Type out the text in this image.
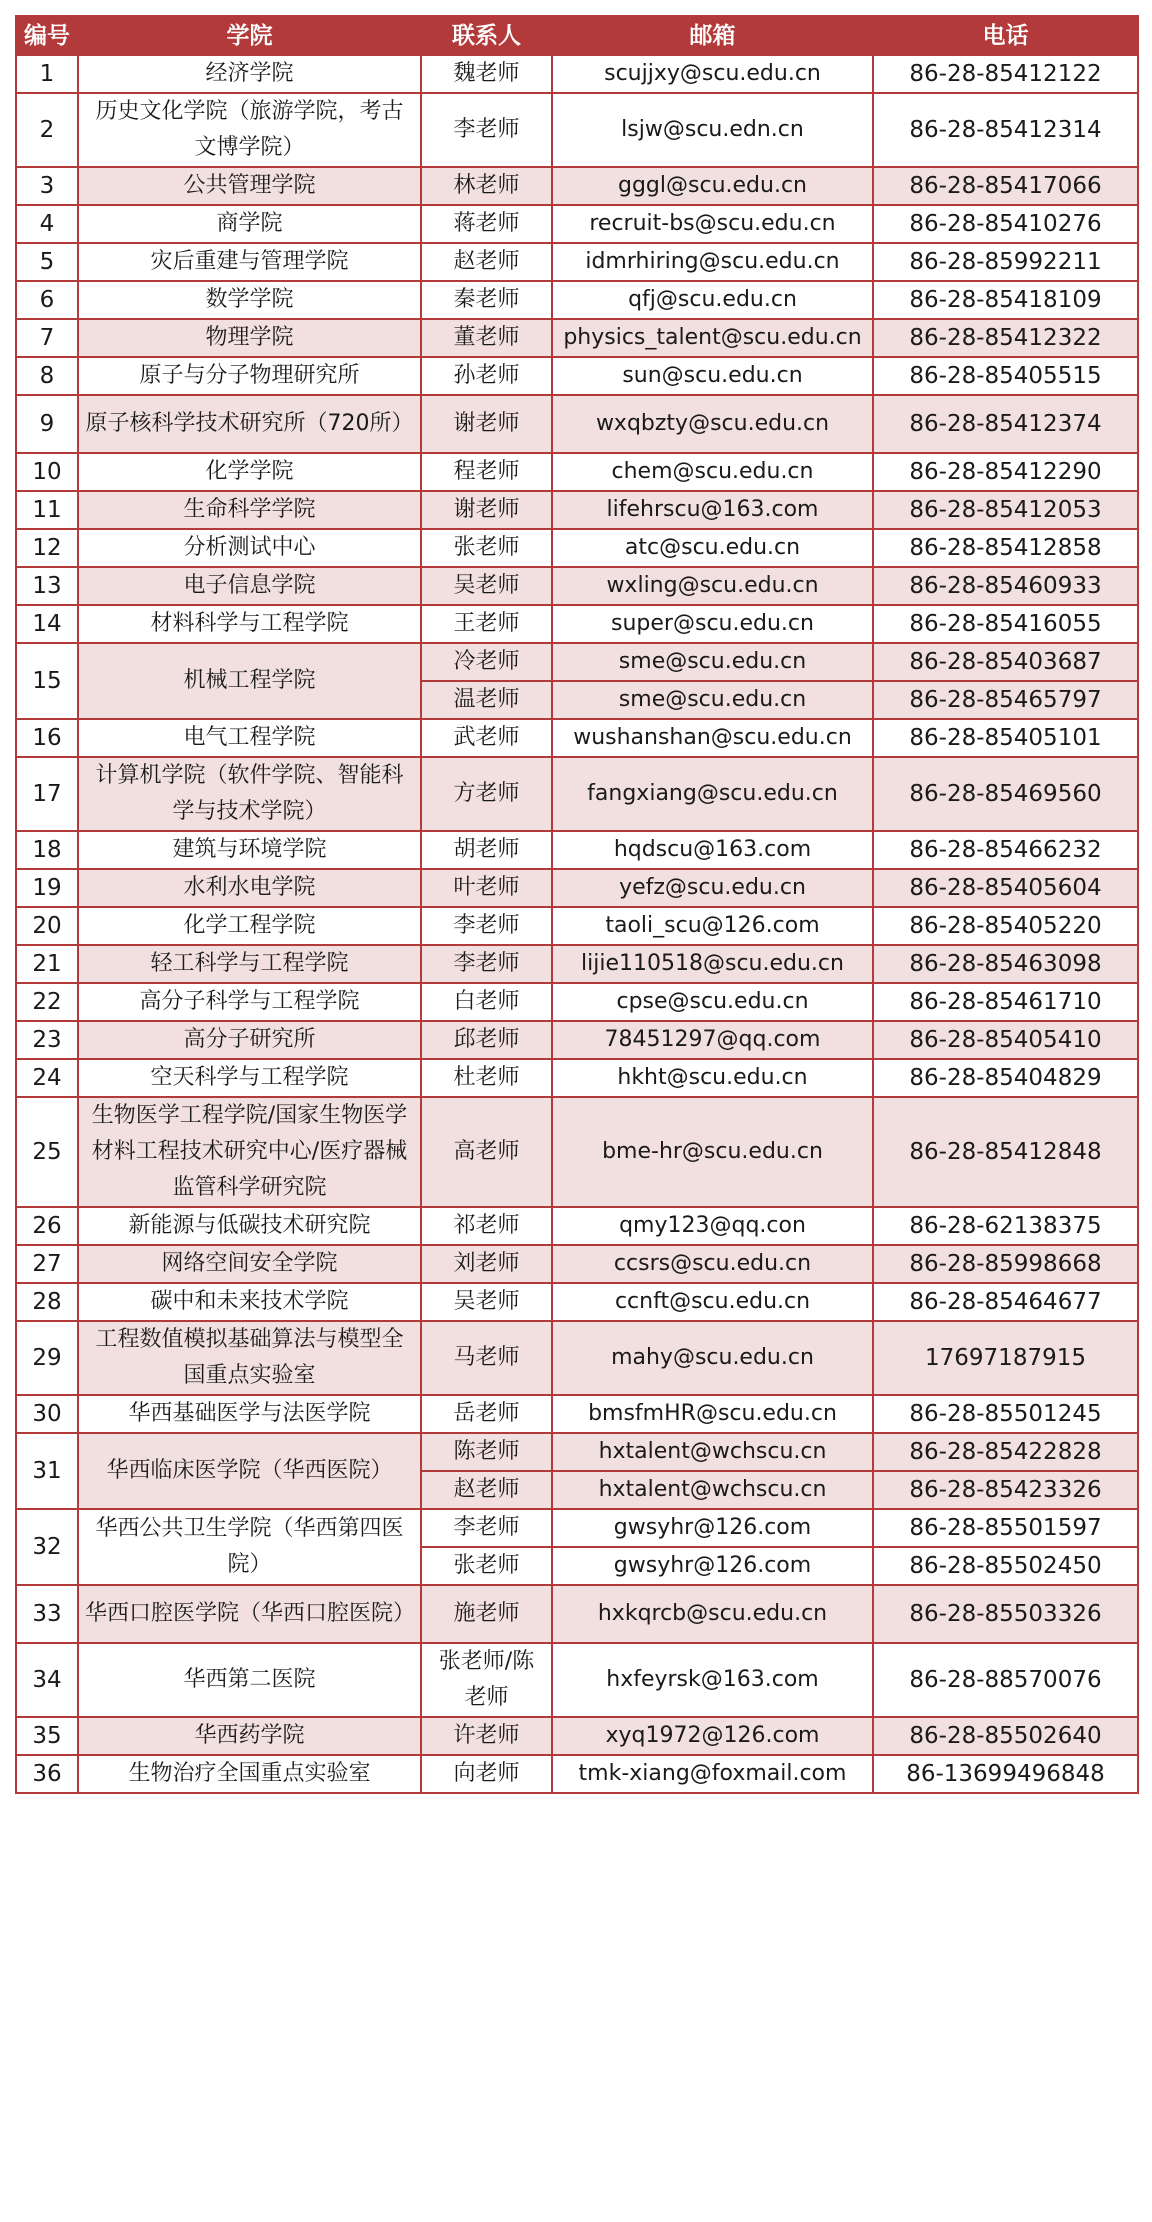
编号	学院	联系人	邮箱	电话
1	经济学院	魏老师	scujjxy@scu.edu.cn	86-28-85412122
2	历史文化学院（旅游学院，考古文博学院）	李老师	lsjw@scu.edn.cn	86-28-85412314
3	公共管理学院	林老师	gggl@scu.edu.cn	86-28-85417066
4	商学院	蒋老师	recruit-bs@scu.edu.cn	86-28-85410276
5	灾后重建与管理学院	赵老师	idmrhiring@scu.edu.cn	86-28-85992211
6	数学学院	秦老师	qfj@scu.edu.cn	86-28-85418109
7	物理学院	董老师	physics_talent@scu.edu.cn	86-28-85412322
8	原子与分子物理研究所	孙老师	sun@scu.edu.cn	86-28-85405515
9	原子核科学技术研究所（720所）	谢老师	wxqbzty@scu.edu.cn	86-28-85412374
10	化学学院	程老师	chem@scu.edu.cn	86-28-85412290
11	生命科学学院	谢老师	lifehrscu@163.com	86-28-85412053
12	分析测试中心	张老师	atc@scu.edu.cn	86-28-85412858
13	电子信息学院	吴老师	wxling@scu.edu.cn	86-28-85460933
14	材料科学与工程学院	王老师	super@scu.edu.cn	86-28-85416055
15	机械工程学院	冷老师	sme@scu.edu.cn	86-28-85403687
		温老师	sme@scu.edu.cn	86-28-85465797
16	电气工程学院	武老师	wushanshan@scu.edu.cn	86-28-85405101
17	计算机学院（软件学院、智能科学与技术学院）	方老师	fangxiang@scu.edu.cn	86-28-85469560
18	建筑与环境学院	胡老师	hqdscu@163.com	86-28-85466232
19	水利水电学院	叶老师	yefz@scu.edu.cn	86-28-85405604
20	化学工程学院	李老师	taoli_scu@126.com	86-28-85405220
21	轻工科学与工程学院	李老师	lijie110518@scu.edu.cn	86-28-85463098
22	高分子科学与工程学院	白老师	cpse@scu.edu.cn	86-28-85461710
23	高分子研究所	邱老师	78451297@qq.com	86-28-85405410
24	空天科学与工程学院	杜老师	hkht@scu.edu.cn	86-28-85404829
25	生物医学工程学院/国家生物医学材料工程技术研究中心/医疗器械监管科学研究院	高老师	bme-hr@scu.edu.cn	86-28-85412848
26	新能源与低碳技术研究院	祁老师	qmy123@qq.con	86-28-62138375
27	网络空间安全学院	刘老师	ccsrs@scu.edu.cn	86-28-85998668
28	碳中和未来技术学院	吴老师	ccnft@scu.edu.cn	86-28-85464677
29	工程数值模拟基础算法与模型全国重点实验室	马老师	mahy@scu.edu.cn	17697187915
30	华西基础医学与法医学院	岳老师	bmsfmHR@scu.edu.cn	86-28-85501245
31	华西临床医学院（华西医院）	陈老师	hxtalent@wchscu.cn	86-28-85422828
		赵老师	hxtalent@wchscu.cn	86-28-85423326
32	华西公共卫生学院（华西第四医院）	李老师	gwsyhr@126.com	86-28-85501597
		张老师	gwsyhr@126.com	86-28-85502450
33	华西口腔医学院（华西口腔医院）	施老师	hxkqrcb@scu.edu.cn	86-28-85503326
34	华西第二医院	张老师/陈老师	hxfeyrsk@163.com	86-28-88570076
35	华西药学院	许老师	xyq1972@126.com	86-28-85502640
36	生物治疗全国重点实验室	向老师	tmk-xiang@foxmail.com	86-13699496848
